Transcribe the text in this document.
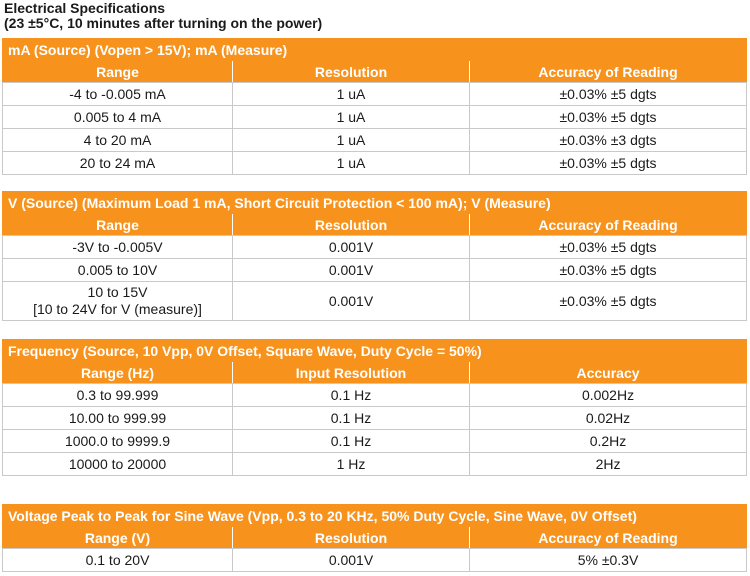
Electrical Specifications
(23 ±5°C, 10 minutes after turning on the power)
mA (Source) (Vopen > 15V); mA (Measure)		
Range	Resolution	Accuracy of Reading
-4 to -0.005 mA	1 uA	±0.03% ±5 dgts
0.005 to 4 mA	1 uA	±0.03% ±5 dgts
4 to 20 mA	1 uA	±0.03% ±3 dgts
20 to 24 mA	1 uA	±0.03% ±5 dgts
V (Source) (Maximum Load 1 mA, Short Circuit Protection < 100 mA); V (Measure)		
Range	Resolution	Accuracy of Reading
-3V to -0.005V	0.001V	±0.03% ±5 dgts
0.005 to 10V	0.001V	±0.03% ±5 dgts

10 to 15V
[10 to 24V for V (measure)]	0.001V	±0.03% ±5 dgts
Frequency (Source, 10 Vpp, 0V Offset, Square Wave, Duty Cycle = 50%)		
Range (Hz)	Input Resolution	Accuracy
0.3 to 99.999	0.1 Hz	0.002Hz
10.00 to 999.99	0.1 Hz	0.02Hz
1000.0 to 9999.9	0.1 Hz	0.2Hz
10000 to 20000	1 Hz	2Hz
Voltage Peak to Peak for Sine Wave (Vpp, 0.3 to 20 KHz, 50% Duty Cycle, Sine Wave, 0V Offset)		
Range (V)	Resolution	Accuracy of Reading
0.1 to 20V	0.001V	5% ±0.3V
